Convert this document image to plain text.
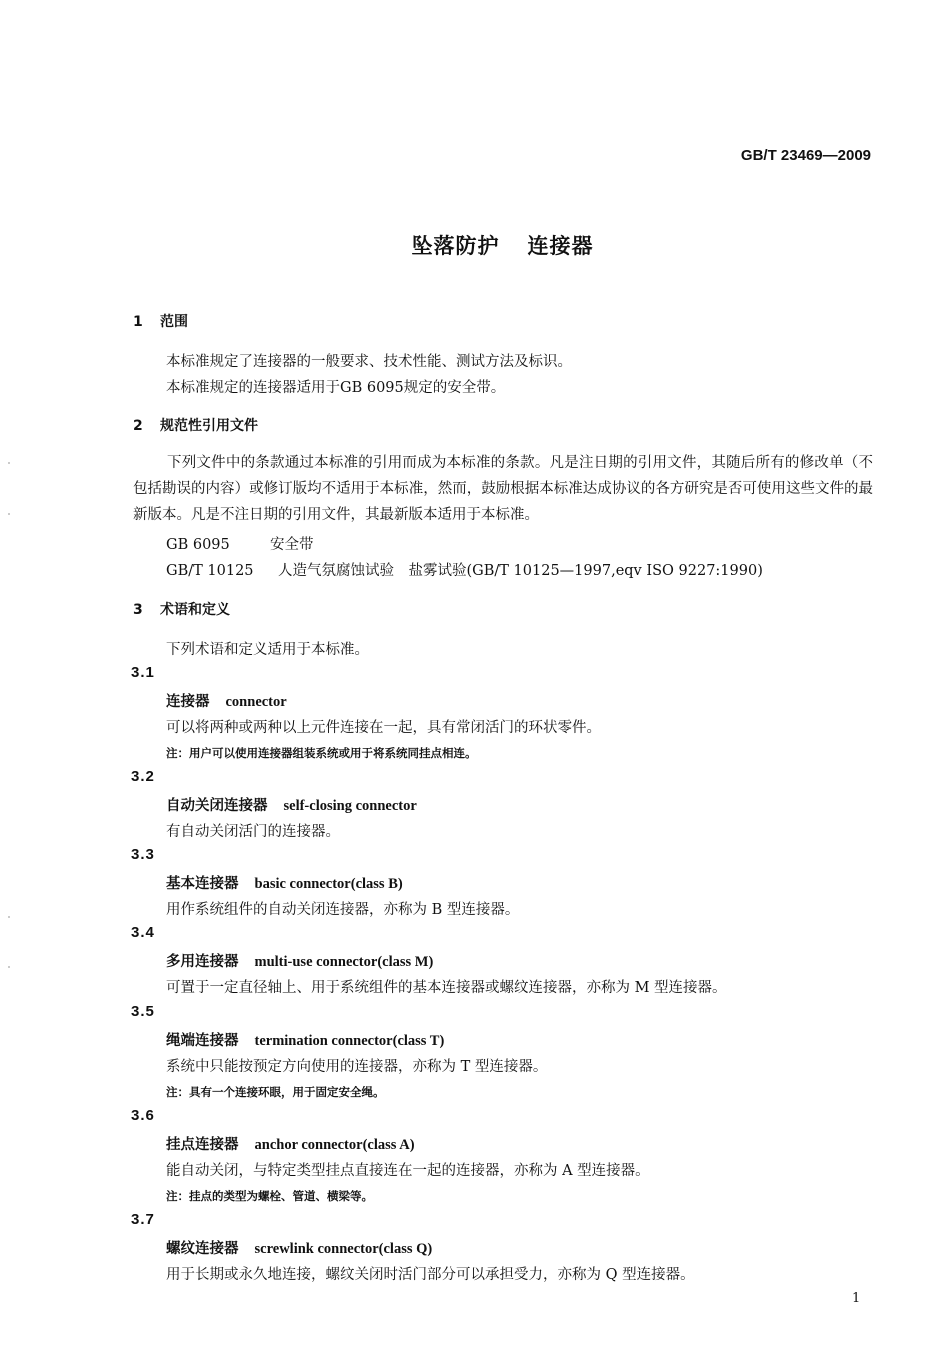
GB/T 23469—2009
坠落防护 连接器
1 范围
本标准规定了连接器的一般要求、技术性能、测试方法及标识。
本标准规定的连接器适用于GB 6095规定的安全带。
2 规范性引用文件
下列文件中的条款通过本标准的引用而成为本标准的条款。凡是注日期的引用文件，其随后所有的修改单（不包括勘误的内容）或修订版均不适用于本标准，然而，鼓励根据本标准达成协议的各方研究是否可使用这些文件的最新版本。凡是不注日期的引用文件，其最新版本适用于本标准。
GB 6095	安全带
GB/T 10125 人造气氛腐蚀试验　盐雾试验(GB/T 10125—1997,eqv ISO 9227:1990)
3 术语和定义
下列术语和定义适用于本标准。
3.1
连接器 connector
可以将两种或两种以上元件连接在一起，具有常闭活门的环状零件。
注：用户可以使用连接器组装系统或用于将系统同挂点相连。
3.2
自动关闭连接器 self-closing connector
有自动关闭活门的连接器。
3.3
基本连接器 basic connector(class B)
用作系统组件的自动关闭连接器，亦称为 B 型连接器。
3.4
多用连接器 multi-use connector(class M)
可置于一定直径轴上、用于系统组件的基本连接器或螺纹连接器，亦称为 M 型连接器。
3.5
绳端连接器 termination connector(class T)
系统中只能按预定方向使用的连接器，亦称为 T 型连接器。
注：具有一个连接环眼，用于固定安全绳。
3.6
挂点连接器 anchor connector(class A)
能自动关闭，与特定类型挂点直接连在一起的连接器，亦称为 A 型连接器。
注：挂点的类型为螺栓、管道、横梁等。
3.7
螺纹连接器 screwlink connector(class Q)
用于长期或永久地连接，螺纹关闭时活门部分可以承担受力，亦称为 Q 型连接器。
1
